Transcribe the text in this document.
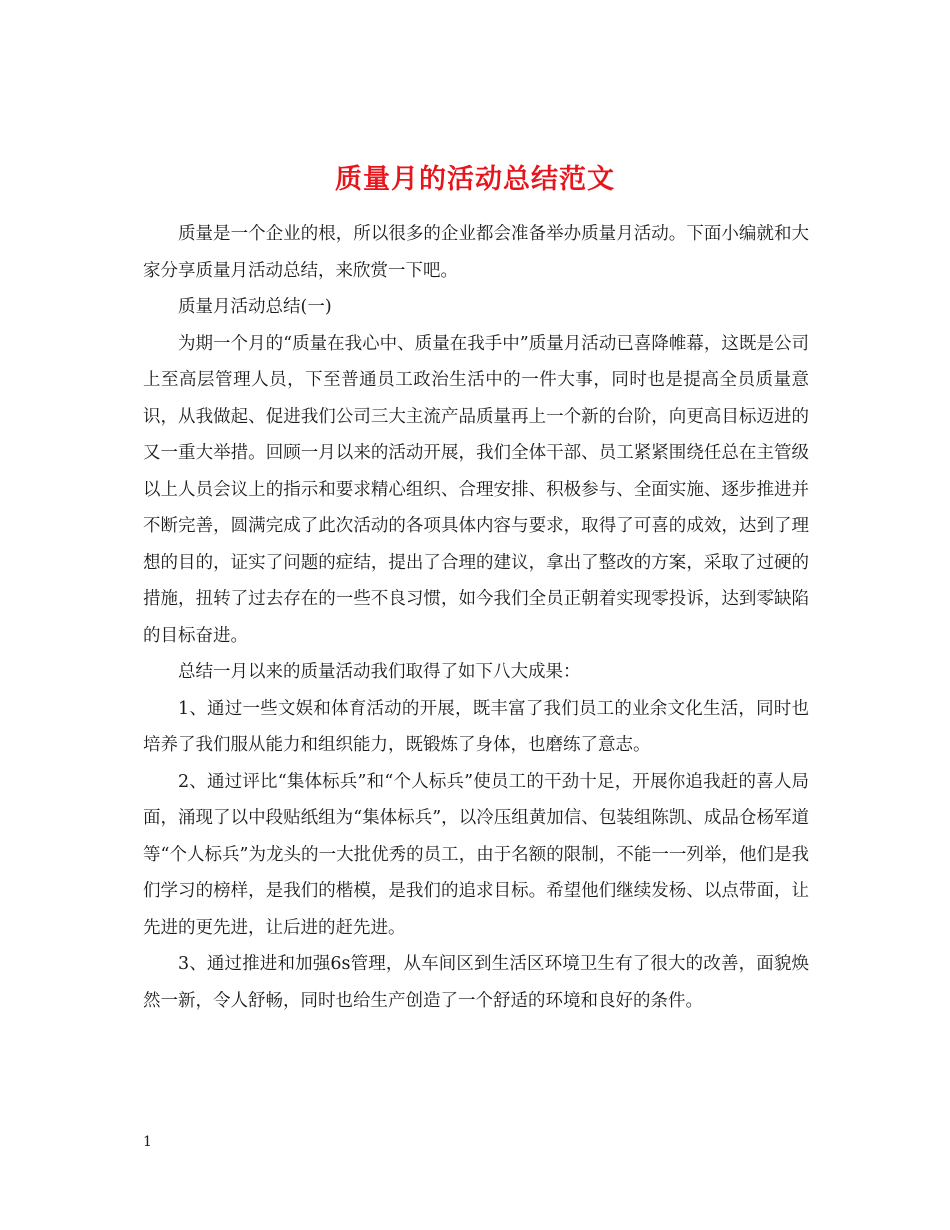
质量月的活动总结范文

质量是一个企业的根，所以很多的企业都会准备举办质量月活动。下面小编就和大家分享质量月活动总结，来欣赏一下吧。

质量月活动总结(一)

为期一个月的“质量在我心中、质量在我手中”质量月活动已喜降帷幕，这既是公司上至高层管理人员，下至普通员工政治生活中的一件大事，同时也是提高全员质量意识，从我做起、促进我们公司三大主流产品质量再上一个新的台阶，向更高目标迈进的又一重大举措。回顾一月以来的活动开展，我们全体干部、员工紧紧围绕任总在主管级以上人员会议上的指示和要求精心组织、合理安排、积极参与、全面实施、逐步推进并不断完善，圆满完成了此次活动的各项具体内容与要求，取得了可喜的成效，达到了理想的目的，证实了问题的症结，提出了合理的建议，拿出了整改的方案，采取了过硬的措施，扭转了过去存在的一些不良习惯，如今我们全员正朝着实现零投诉，达到零缺陷的目标奋进。

总结一月以来的质量活动我们取得了如下八大成果：

1、通过一些文娱和体育活动的开展，既丰富了我们员工的业余文化生活，同时也培养了我们服从能力和组织能力，既锻炼了身体，也磨练了意志。

2、通过评比“集体标兵”和“个人标兵”使员工的干劲十足，开展你追我赶的喜人局面，涌现了以中段贴纸组为“集体标兵”，以冷压组黄加信、包装组陈凯、成品仓杨军道等“个人标兵”为龙头的一大批优秀的员工，由于名额的限制，不能一一列举，他们是我们学习的榜样，是我们的楷模，是我们的追求目标。希望他们继续发杨、以点带面，让先进的更先进，让后进的赶先进。

3、通过推进和加强6s管理，从车间区到生活区环境卫生有了很大的改善，面貌焕然一新，令人舒畅，同时也给生产创造了一个舒适的环境和良好的条件。

1
